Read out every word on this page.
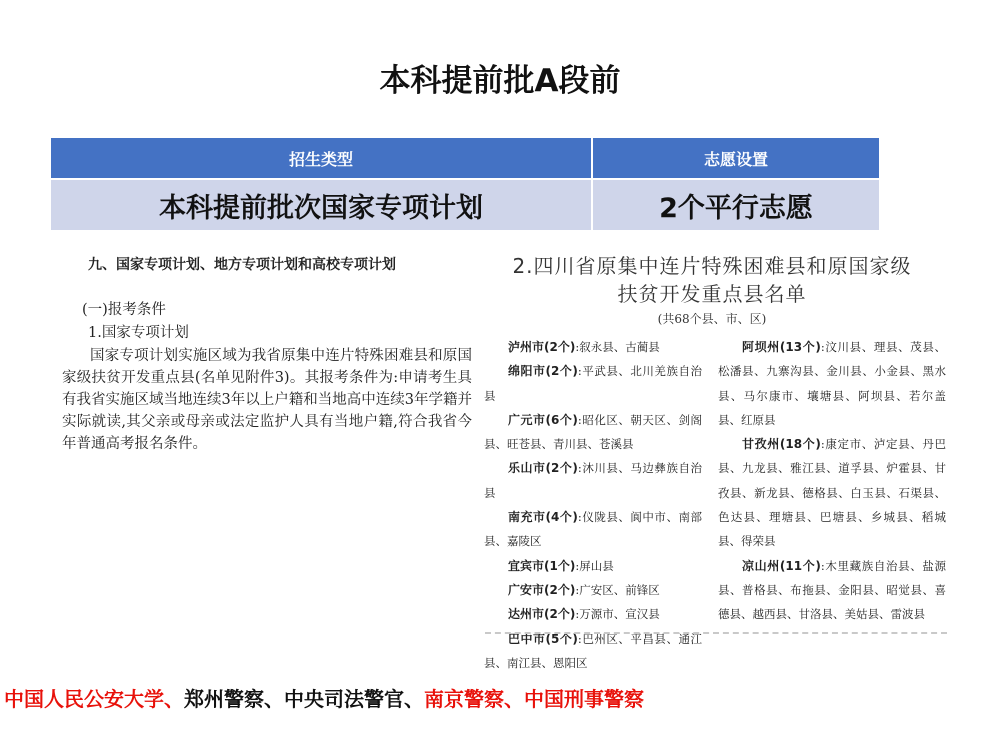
本科提前批A段前
招生类型	志愿设置
本科提前批次国家专项计划	2个平行志愿
九、国家专项计划、地方专项计划和高校专项计划
(一)报考条件
1.国家专项计划
国家专项计划实施区域为我省原集中连片特殊困难县和原国家级扶贫开发重点县(名单见附件3)。其报考条件为:申请考生具有我省实施区域当地连续3年以上户籍和当地高中连续3年学籍并实际就读,其父亲或母亲或法定监护人具有当地户籍,符合我省今年普通高考报名条件。
2.四川省原集中连片特殊困难县和原国家级
扶贫开发重点县名单
(共68个县、市、区)
泸州市(2个):叙永县、古蔺县
绵阳市(2个):平武县、北川羌族自治县
广元市(6个):昭化区、朝天区、剑阁县、旺苍县、青川县、苍溪县
乐山市(2个):沐川县、马边彝族自治县
南充市(4个):仪陇县、阆中市、南部县、嘉陵区
宜宾市(1个):屏山县
广安市(2个):广安区、前锋区
达州市(2个):万源市、宣汉县
巴中市(5个):巴州区、平昌县、通江县、南江县、恩阳区
阿坝州(13个):汶川县、理县、茂县、松潘县、九寨沟县、金川县、小金县、黑水县、马尔康市、壤塘县、阿坝县、若尔盖县、红原县
甘孜州(18个):康定市、泸定县、丹巴县、九龙县、雅江县、道孚县、炉霍县、甘孜县、新龙县、德格县、白玉县、石渠县、色达县、理塘县、巴塘县、乡城县、稻城县、得荣县
凉山州(11个):木里藏族自治县、盐源县、普格县、布拖县、金阳县、昭觉县、喜德县、越西县、甘洛县、美姑县、雷波县
中国人民公安大学、郑州警察、中央司法警官、南京警察、中国刑事警察
